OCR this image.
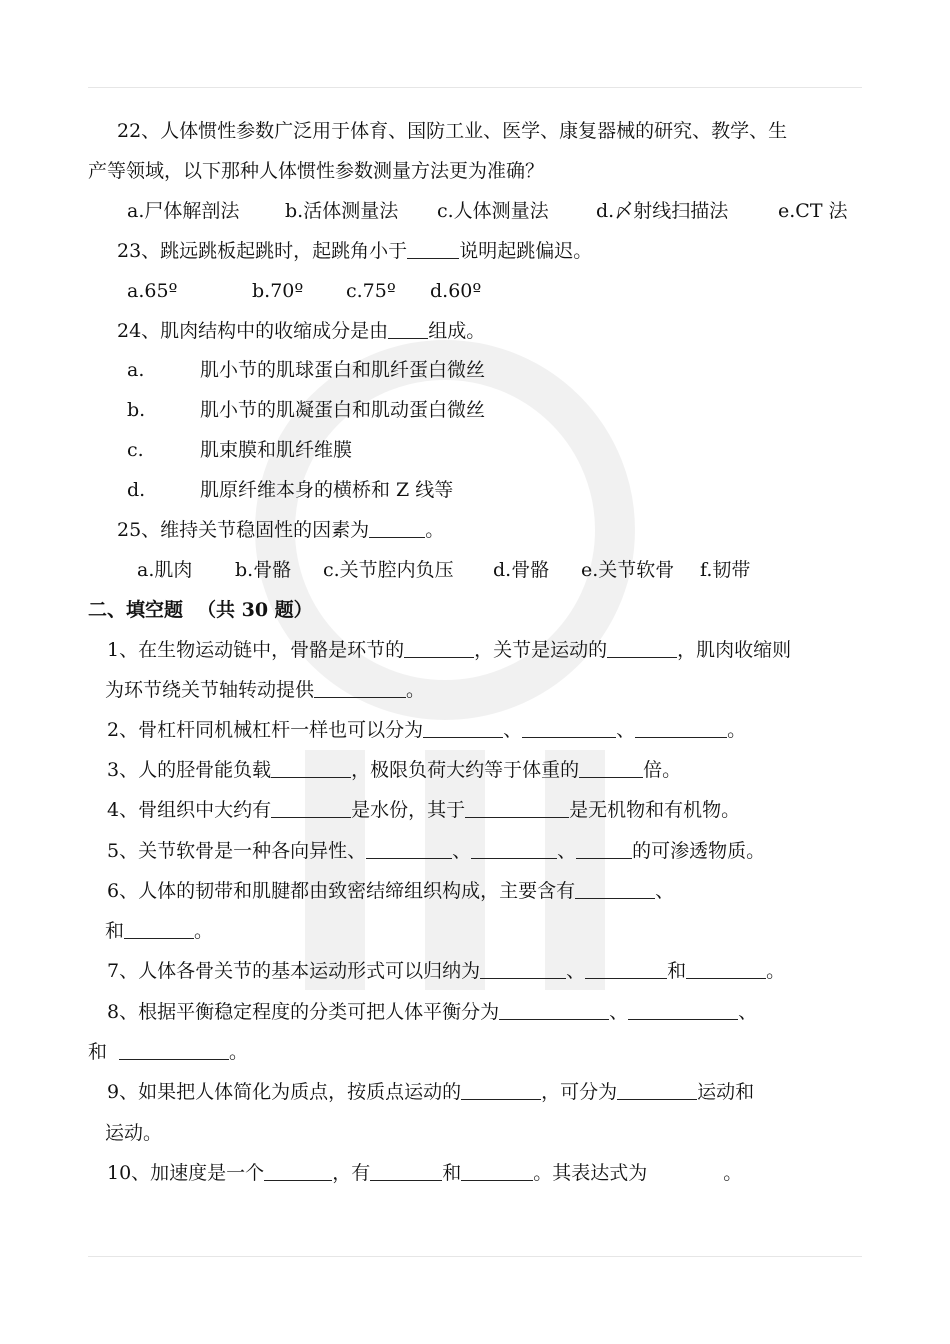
22、人体惯性参数广泛用于体育、国防工业、医学、康复器械的研究、教学、生
产等领域，以下那种人体惯性参数测量方法更为准确？
a.尸体解剖法 b.活体测量法 c.人体测量法 d.〆射线扫描法	e.CT 法
23、跳远跳板起跳时，起跳角小于	说明起跳偏迟。
a.65º	b.70º c.75º d.60º
24、肌肉结构中的收缩成分是由 组成。
a.	肌小节的肌球蛋白和肌纤蛋白微丝
b.	肌小节的肌凝蛋白和肌动蛋白微丝
c.	肌束膜和肌纤维膜
d.	肌原纤维本身的横桥和 Z 线等
25、维持关节稳固性的因素为	。
a.肌肉 b.骨骼 c.关节腔内负压 d.骨骼 e.关节软骨 f.韧带
二、填空题 （共 30 题）
1、在生物运动链中，骨骼是环节的	，关节是运动的	，肌肉收缩则
为环节绕关节轴转动提供	。
2、骨杠杆同机械杠杆一样也可以分为	、	、	。
3、人的胫骨能负载	，极限负荷大约等于体重的	倍。
4、骨组织中大约有	是水份，其于	是无机物和有机物。
5、关节软骨是一种各向异性、	、	、	的可渗透物质。
6、人体的韧带和肌腱都由致密结缔组织构成，主要含有	、
和	。
7、人体各骨关节的基本运动形式可以归纳为	、	和	。
8、根据平衡稳定程度的分类可把人体平衡分为	、	、
和	。
9、如果把人体简化为质点，按质点运动的	，可分为	运动和
运动。
10、加速度是一个	，有	和	。其表达式为	。
